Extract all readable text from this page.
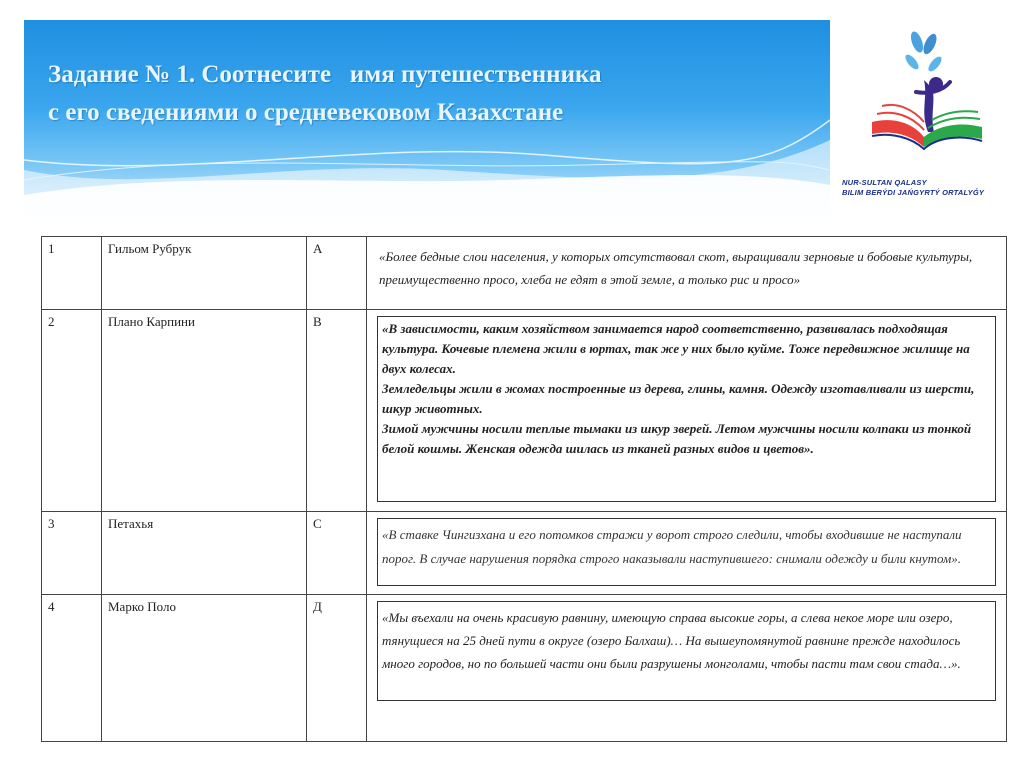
Задание № 1. Соотнесите   имя путешественника
с его сведениями о средневековом Казахстане
NUR-SULTAN QALASY
BILIM BERÝDI JAŃGYRTÝ ORTALYǴY
1	Гильом Рубрук	А	«Более бедные слои населения, у которых отсутствовал скот, выращивали зерновые и бобовые культуры, преимущественно просо, хлеба не едят в этой земле, а только рис и просо»

2	Плано Карпини	В	«В зависимости, каким хозяйством занимается народ соответственно, развивалась подходящая культура. Кочевые племена жили в юртах, так же у них было куйме. Тоже передвижное жилище на двух колесах.
Земледельцы жили в жомах построенные из дерева, глины, камня. Одежду изготавливали из шерсти, шкур животных.
Зимой мужчины носили теплые тымаки из шкур зверей. Летом мужчины носили колпаки из тонкой белой кошмы. Женская одежда шилась из тканей разных видов и цветов».

3	Петахья	С	«В ставке Чингизхана и его потомков стражи у ворот строго следили, чтобы входившие не наступали порог. В случае нарушения порядка строго наказывали наступившего: снимали одежду и били кнутом».

4	Марко Поло	Д	«Мы въехали на очень красивую равнину, имеющую справа высокие горы, а слева некое море или озеро, тянущиеся на 25 дней пути в округе (озеро Балхаш)… На вышеупомянутой равнине прежде находилось много городов, но по большей части они были разрушены монголами, чтобы пасти там свои стада…».
